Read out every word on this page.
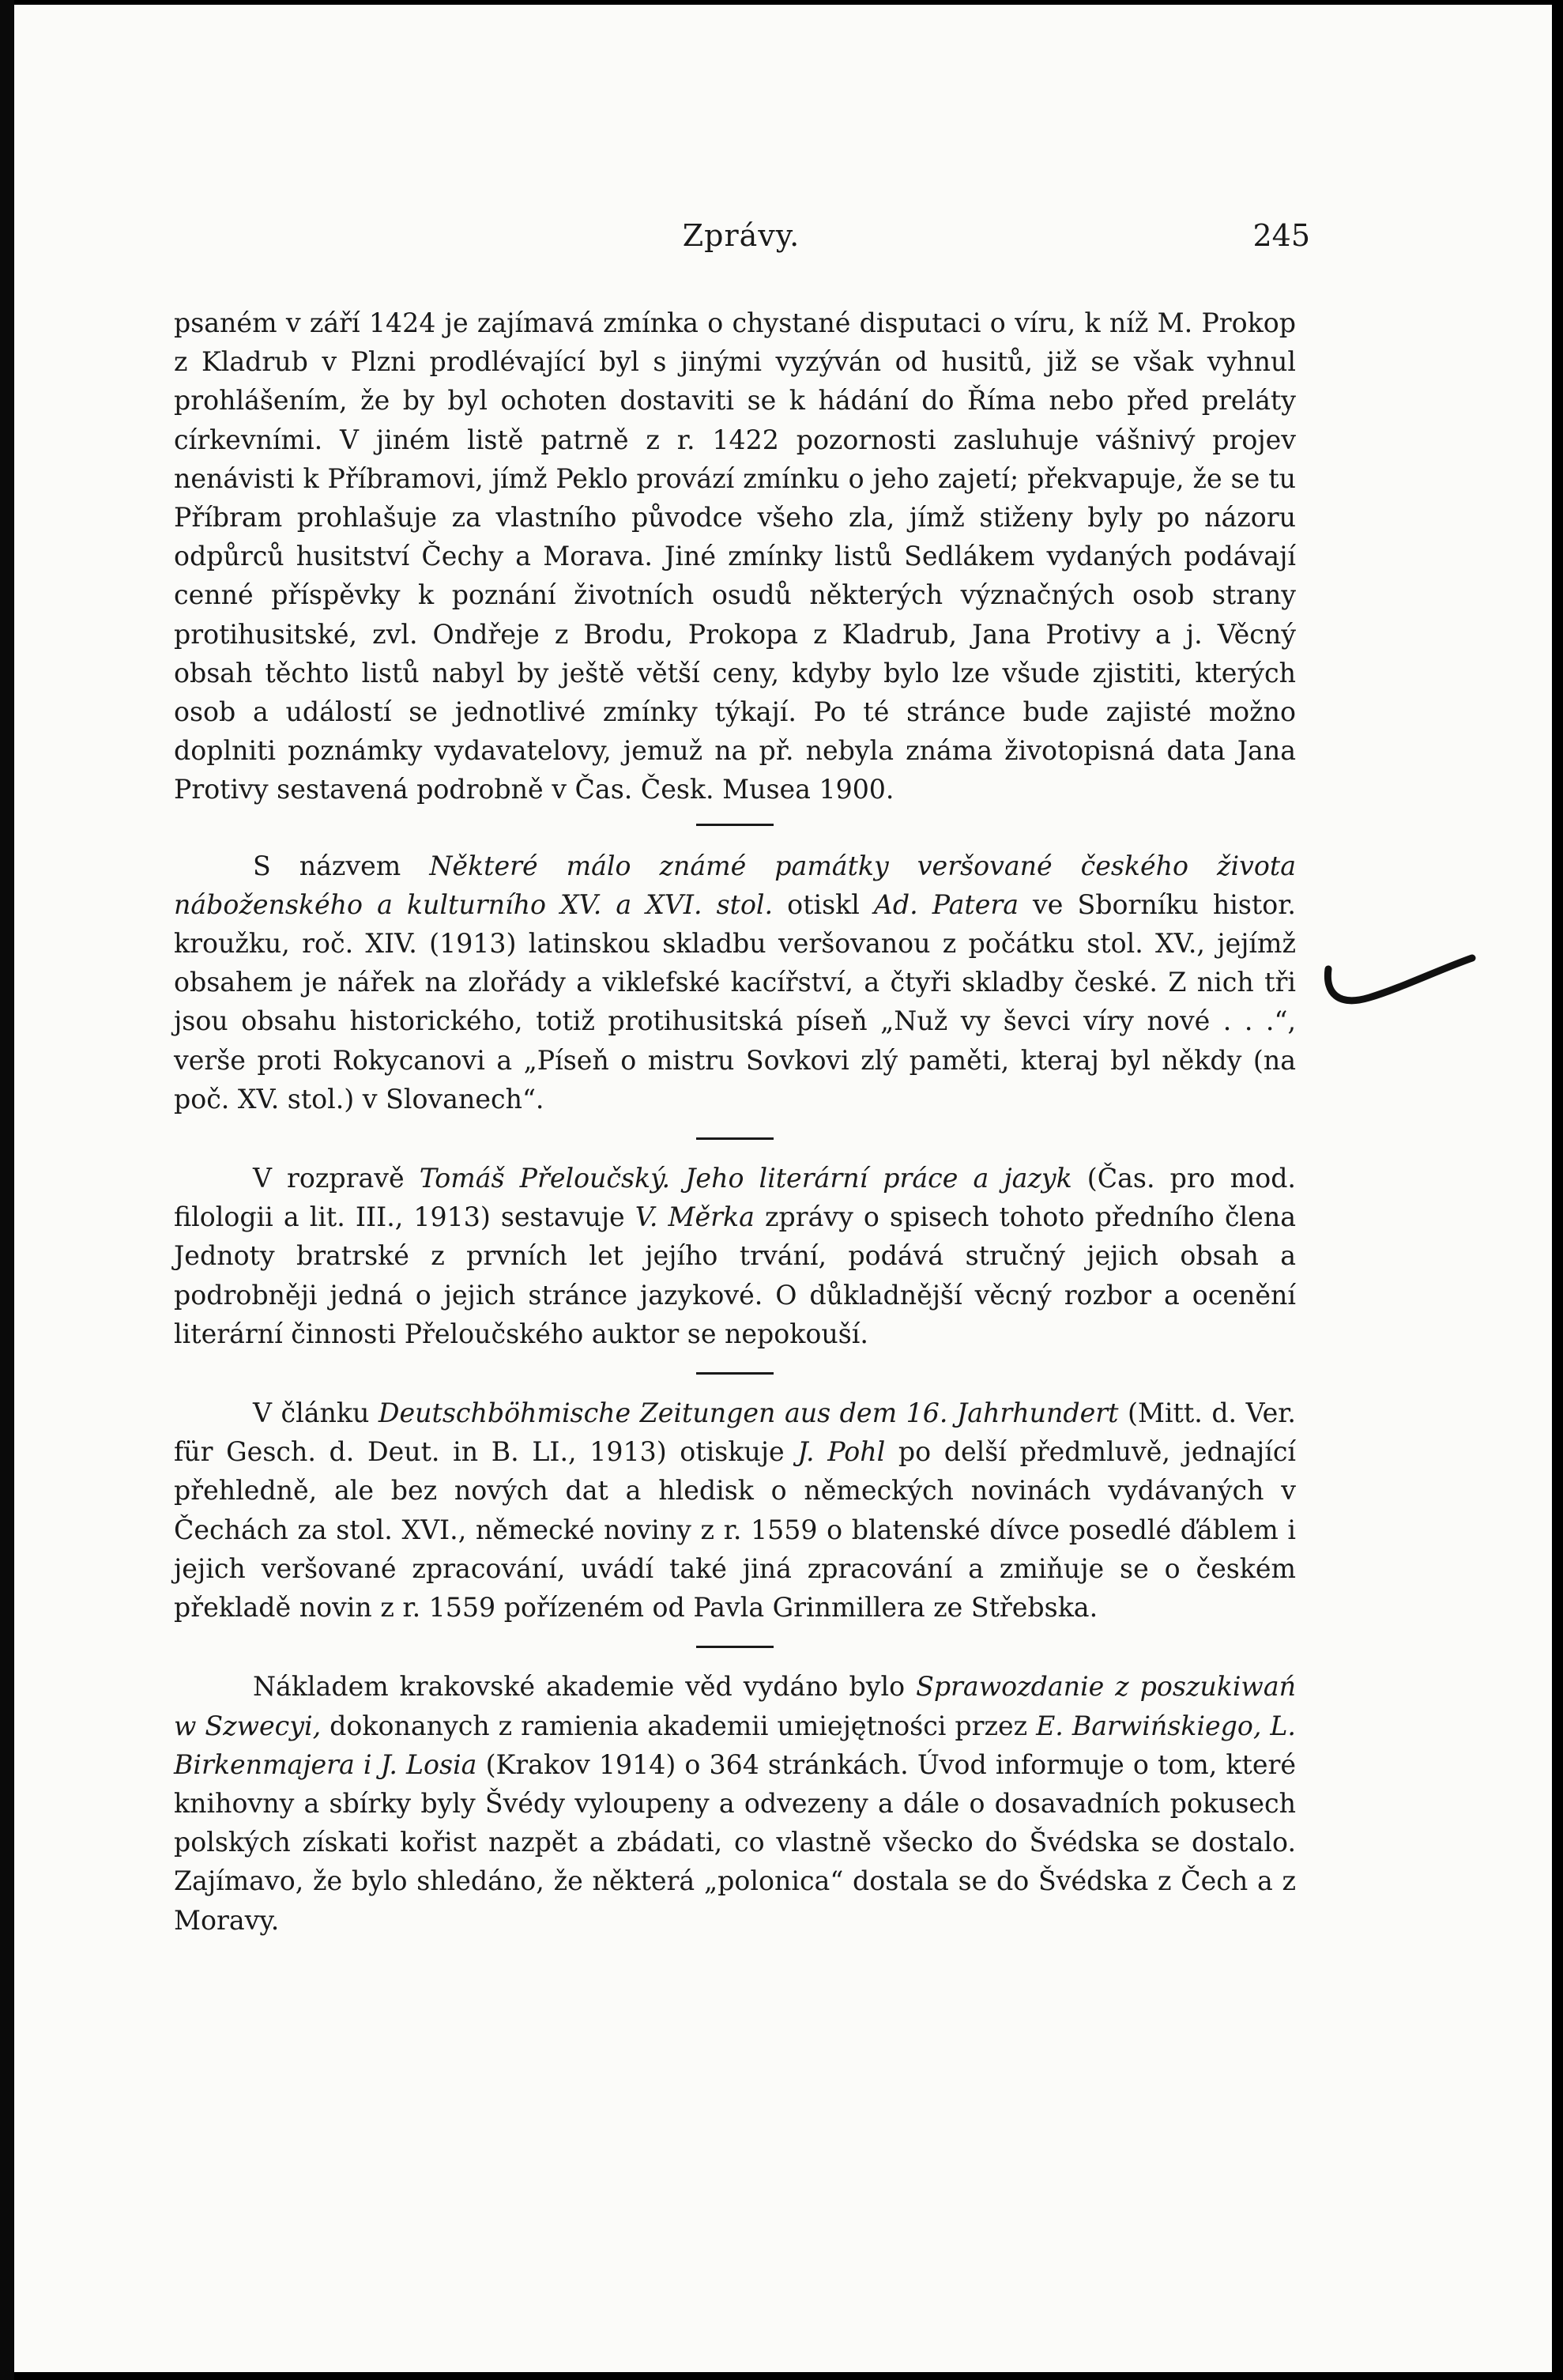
Zprávy.	245

psaném v září 1424 je zajímavá zmínka o chystané disputaci o víru, k níž M. Prokop z Kladrub v Plzni prodlévající byl s jinými vyzýván od husitů, již se však vyhnul prohlášením, že by byl ochoten dostaviti se k hádání do Říma nebo před preláty církevními. V jiném listě patrně z r. 1422 pozornosti zasluhuje vášnivý projev nenávisti k Příbramovi, jímž Peklo provází zmínku o jeho zajetí; překvapuje, že se tu Příbram prohlašuje za vlastního původce všeho zla, jímž stiženy byly po názoru odpůrců husitství Čechy a Morava. Jiné zmínky listů Sedlákem vydaných podávají cenné příspěvky k poznání životních osudů některých význačných osob strany protihusitské, zvl. Ondřeje z Brodu, Prokopa z Kladrub, Jana Protivy a j. Věcný obsah těchto listů nabyl by ještě větší ceny, kdyby bylo lze všude zjistiti, kterých osob a událostí se jednotlivé zmínky týkají. Po té stránce bude zajisté možno doplniti poznámky vydavatelovy, jemuž na př. nebyla známa životopisná data Jana Protivy sestavená podrobně v Čas. Česk. Musea 1900.

S názvem Některé málo známé památky veršované českého života náboženského a kulturního XV. a XVI. stol. otiskl Ad. Patera ve Sborníku histor. kroužku, roč. XIV. (1913) latinskou skladbu veršovanou z počátku stol. XV., jejímž obsahem je nářek na zlořády a viklefské kacířství, a čtyři skladby české. Z nich tři jsou obsahu historického, totiž protihusitská píseň „Nuž vy ševci víry nové . . .“, verše proti Rokycanovi a „Píseň o mistru Sovkovi zlý paměti, kteraj byl někdy (na poč. XV. stol.) v Slovanech“.

V rozpravě Tomáš Přeloučský. Jeho literární práce a jazyk (Čas. pro mod. filologii a lit. III., 1913) sestavuje V. Měrka zprávy o spisech tohoto předního člena Jednoty bratrské z prvních let jejího trvání, podává stručný jejich obsah a podrobněji jedná o jejich stránce jazykové. O důkladnější věcný rozbor a ocenění literární činnosti Přeloučského auktor se nepokouší.

V článku Deutschböhmische Zeitungen aus dem 16. Jahrhundert (Mitt. d. Ver. für Gesch. d. Deut. in B. LI., 1913) otiskuje J. Pohl po delší předmluvě, jednající přehledně, ale bez nových dat a hledisk o německých novinách vydávaných v Čechách za stol. XVI., německé noviny z r. 1559 o blatenské dívce posedlé ďáblem i jejich veršované zpracování, uvádí také jiná zpracování a zmiňuje se o českém překladě novin z r. 1559 pořízeném od Pavla Grinmillera ze Střebska.

Nákladem krakovské akademie věd vydáno bylo Sprawozdanie z poszukiwań w Szwecyi, dokonanych z ramienia akademii umiejętności przez E. Barwińskiego, L. Birkenmajera i J. Losia (Krakov 1914) o 364 stránkách. Úvod informuje o tom, které knihovny a sbírky byly Švédy vyloupeny a odvezeny a dále o dosavadních pokusech polských získati kořist nazpět a zbádati, co vlastně všecko do Švédska se dostalo. Zajímavo, že bylo shledáno, že některá „polonica“ dostala se do Švédska z Čech a z Moravy.
